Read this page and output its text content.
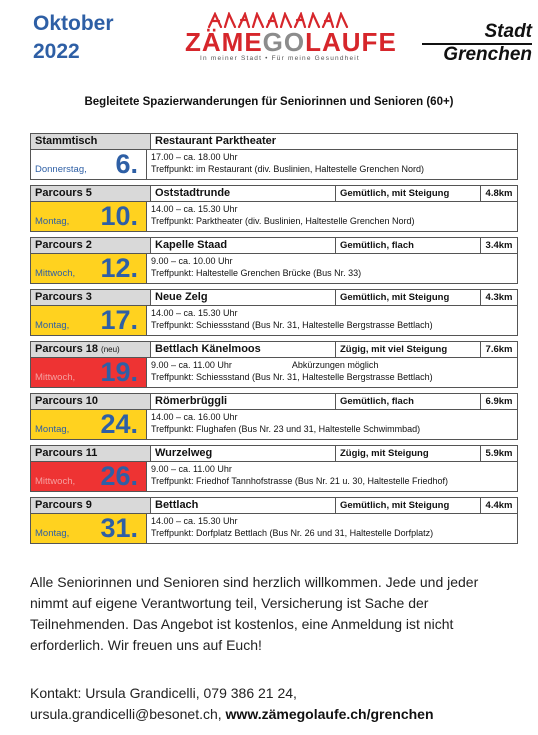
Oktober
2022	ZÄMEGOLAUFE
In meiner Stadt • Für meine Gesundheit
Stadt
Grenchen
Begleitete Spazierwanderungen für Seniorinnen und Senioren (60+)
Stammtisch	Restaurant Parktheater
Donnerstag, 6. 17.00 – ca. 18.00 Uhr
Treffpunkt: im Restaurant (div. Buslinien, Haltestelle Grenchen Nord)
Parcours 5	Oststadtrunde	Gemütlich, mit Steigung	4.8km
Montag, 10. 14.00 – ca. 15.30 Uhr
Treffpunkt: Parktheater (div. Buslinien, Haltestelle Grenchen Nord)
Parcours 2	Kapelle Staad	Gemütlich, flach	3.4km
Mittwoch, 12. 9.00 – ca. 10.00 Uhr
Treffpunkt: Haltestelle Grenchen Brücke (Bus Nr. 33)
Parcours 3	Neue Zelg	Gemütlich, mit Steigung	4.3km
Montag, 17. 14.00 – ca. 15.30 Uhr
Treffpunkt: Schiessstand (Bus Nr. 31, Haltestelle Bergstrasse Bettlach)
Parcours 18 (neu)	Bettlach Känelmoos	Zügig, mit viel Steigung	7.6km
Mittwoch, 19. 9.00 – ca. 11.00 Uhr	Abkürzungen möglich
Treffpunkt: Schiessstand (Bus Nr. 31, Haltestelle Bergstrasse Bettlach)
Parcours 10	Römerbrüggli	Gemütlich, flach	6.9km
Montag, 24. 14.00 – ca. 16.00 Uhr
Treffpunkt: Flughafen (Bus Nr. 23 und 31, Haltestelle Schwimmbad)
Parcours 11	Wurzelweg	Zügig, mit Steigung	5.9km
Mittwoch, 26. 9.00 – ca. 11.00 Uhr
Treffpunkt: Friedhof Tannhofstrasse (Bus Nr. 21 u. 30, Haltestelle Friedhof)
Parcours 9	Bettlach	Gemütlich, mit Steigung	4.4km
Montag, 31. 14.00 – ca. 15.30 Uhr
Treffpunkt: Dorfplatz Bettlach (Bus Nr. 26 und 31, Haltestelle Dorfplatz)

Alle Seniorinnen und Senioren sind herzlich willkommen. Jede und jeder nimmt auf eigene Verantwortung teil, Versicherung ist Sache der Teilnehmenden. Das Angebot ist kostenlos, eine Anmeldung ist nicht erforderlich. Wir freuen uns auf Euch!

Kontakt: Ursula Grandicelli, 079 386 21 24,
ursula.grandicelli@besonet.ch, www.zämegolaufe.ch/grenchen
